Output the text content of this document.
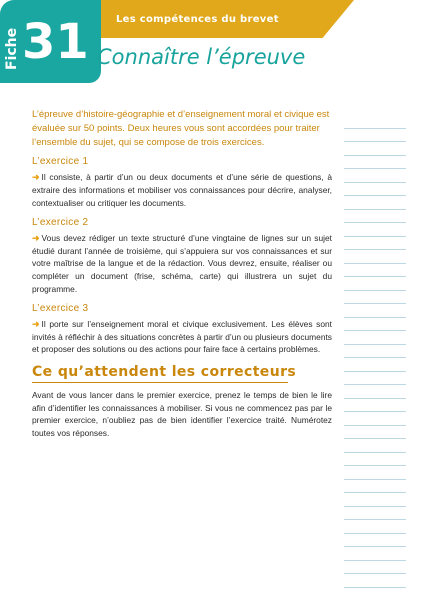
Les compétences du brevet
Fiche 31 Connaître l’épreuve

L’épreuve d’histoire-géographie et d’enseignement moral et civique est évaluée sur 50 points. Deux heures vous sont accordées pour traiter l’ensemble du sujet, qui se compose de trois exercices.

L’exercice 1

➜ Il consiste, à partir d’un ou deux documents et d’une série de questions, à extraire des informations et mobiliser vos connaissances pour décrire, analyser, contextualiser ou critiquer les documents.

L’exercice 2

➜ Vous devez rédiger un texte structuré d’une vingtaine de lignes sur un sujet étudié durant l’année de troisième, qui s’appuiera sur vos connaissances et sur votre maîtrise de la langue et de la rédaction. Vous devrez, ensuite, réaliser ou compléter un document (frise, schéma, carte) qui illustrera un sujet du programme.

L’exercice 3

➜ Il porte sur l’enseignement moral et civique exclusivement. Les élèves sont invités à réfléchir à des situations concrètes à partir d’un ou plusieurs documents et proposer des solutions ou des actions pour faire face à certains problèmes.

Ce qu’attendent les correcteurs

Avant de vous lancer dans le premier exercice, prenez le temps de bien le lire afin d’identifier les connaissances à mobiliser. Si vous ne commencez pas par le premier exercice, n’oubliez pas de bien identifier l’exercice traité. Numérotez toutes vos réponses.
